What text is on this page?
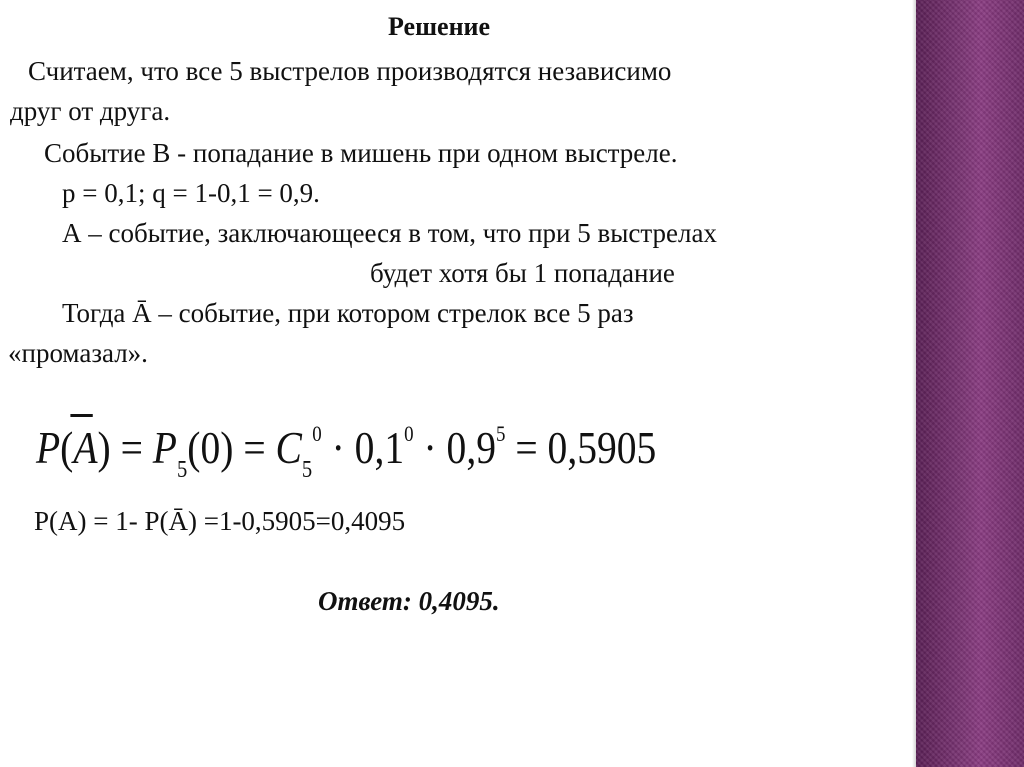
Решение
Считаем, что все 5 выстрелов производятся независимо
друг от друга.
Событие В - попадание в мишень при одном выстреле.
р = 0,1; q = 1-0,1 = 0,9.
А – событие, заключающееся в том, что при 5 выстрелах
будет хотя бы 1 попадание
Тогда Ā – событие, при котором стрелок все 5 раз
«промазал».
$P(A) = P_5(0) = C_5^0 \cdot 0,1^0 \cdot 0,9^5 = 0,5905$
Р(А) = 1- Р(Ā) =1-0,5905=0,4095
Ответ: 0,4095.
